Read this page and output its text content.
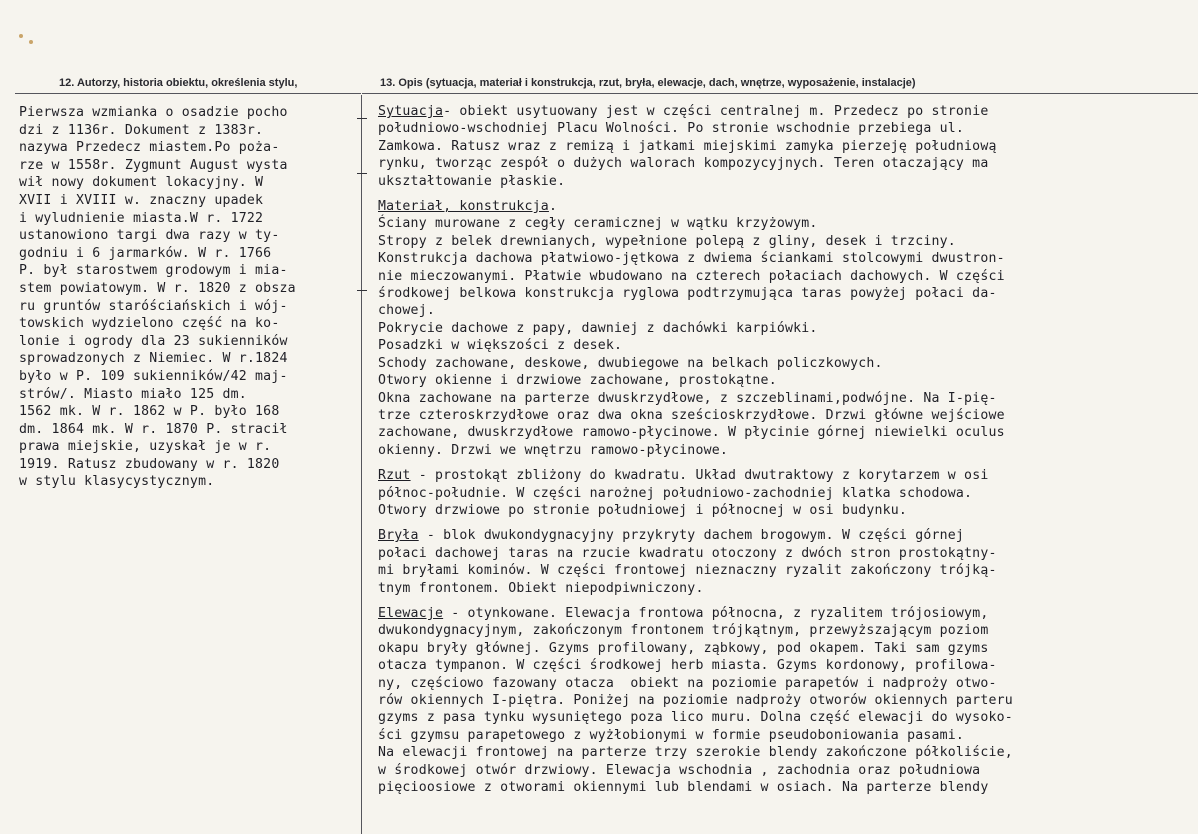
12. Autorzy, historia obiektu, określenia stylu,	13. Opis (sytuacja, materiał i konstrukcja, rzut, bryła, elewacje, dach, wnętrze, wyposażenie, instalacje)
Pierwsza wzmianka o osadzie pocho
dzi z 1136r. Dokument z 1383r.
nazywa Przedecz miastem.Po poża-
rze w 1558r. Zygmunt August wysta
wił nowy dokument lokacyjny. W
XVII i XVIII w. znaczny upadek
i wyludnienie miasta.W r. 1722
ustanowiono targi dwa razy w ty-
godniu i 6 jarmarków. W r. 1766
P. był starostwem grodowym i mia-
stem powiatowym. W r. 1820 z obsza
ru gruntów staróściańskich i wój-
towskich wydzielono część na ko-
lonie i ogrody dla 23 sukienników
sprowadzonych z Niemiec. W r.1824
było w P. 109 sukienników/42 maj-
strów/. Miasto miało 125 dm.
1562 mk. W r. 1862 w P. było 168
dm. 1864 mk. W r. 1870 P. stracił
prawa miejskie, uzyskał je w r.
1919. Ratusz zbudowany w r. 1820
w stylu klasycystycznym.
Sytuacja- obiekt usytuowany jest w części centralnej m. Przedecz po stronie
południowo-wschodniej Placu Wolności. Po stronie wschodnie przebiega ul.
Zamkowa. Ratusz wraz z remizą i jatkami miejskimi zamyka pierzeję południową
rynku, tworząc zespół o dużych walorach kompozycyjnych. Teren otaczający ma
ukształtowanie płaskie.
Materiał, konstrukcja.
Ściany murowane z cegły ceramicznej w wątku krzyżowym.
Stropy z belek drewnianych, wypełnione polepą z gliny, desek i trzciny.
Konstrukcja dachowa płatwiowo-jętkowa z dwiema ściankami stolcowymi dwustron-
nie mieczowanymi. Płatwie wbudowano na czterech połaciach dachowych. W części
środkowej belkowa konstrukcja ryglowa podtrzymująca taras powyżej połaci da-
chowej.
Pokrycie dachowe z papy, dawniej z dachówki karpiówki.
Posadzki w większości z desek.
Schody zachowane, deskowe, dwubiegowe na belkach policzkowych.
Otwory okienne i drzwiowe zachowane, prostokątne.
Okna zachowane na parterze dwuskrzydłowe, z szczeblinami,podwójne. Na I-pię-
trze czteroskrzydłowe oraz dwa okna sześcioskrzydłowe. Drzwi główne wejściowe
zachowane, dwuskrzydłowe ramowo-płycinowe. W płycinie górnej niewielki oculus
okienny. Drzwi we wnętrzu ramowo-płycinowe.
Rzut - prostokąt zbliżony do kwadratu. Układ dwutraktowy z korytarzem w osi
północ-południe. W części narożnej południowo-zachodniej klatka schodowa.
Otwory drzwiowe po stronie południowej i północnej w osi budynku.
Bryła - blok dwukondygnacyjny przykryty dachem brogowym. W części górnej
połaci dachowej taras na rzucie kwadratu otoczony z dwóch stron prostokątny-
mi bryłami kominów. W części frontowej nieznaczny ryzalit zakończony trójką-
tnym frontonem. Obiekt niepodpiwniczony.
Elewacje - otynkowane. Elewacja frontowa północna, z ryzalitem trójosiowym,
dwukondygnacyjnym, zakończonym frontonem trójkątnym, przewyższającym poziom
okapu bryły głównej. Gzyms profilowany, ząbkowy, pod okapem. Taki sam gzyms
otacza tympanon. W części środkowej herb miasta. Gzyms kordonowy, profilowa-
ny, częściowo fazowany otacza  obiekt na poziomie parapetów i nadproży otwo-
rów okiennych I-piętra. Poniżej na poziomie nadproży otworów okiennych parteru
gzyms z pasa tynku wysuniętego poza lico muru. Dolna część elewacji do wysoko-
ści gzymsu parapetowego z wyżłobionymi w formie pseudoboniowania pasami.
Na elewacji frontowej na parterze trzy szerokie blendy zakończone półkoliście,
w środkowej otwór drzwiowy. Elewacja wschodnia , zachodnia oraz południowa
pięcioosiowe z otworami okiennymi lub blendami w osiach. Na parterze blendy
